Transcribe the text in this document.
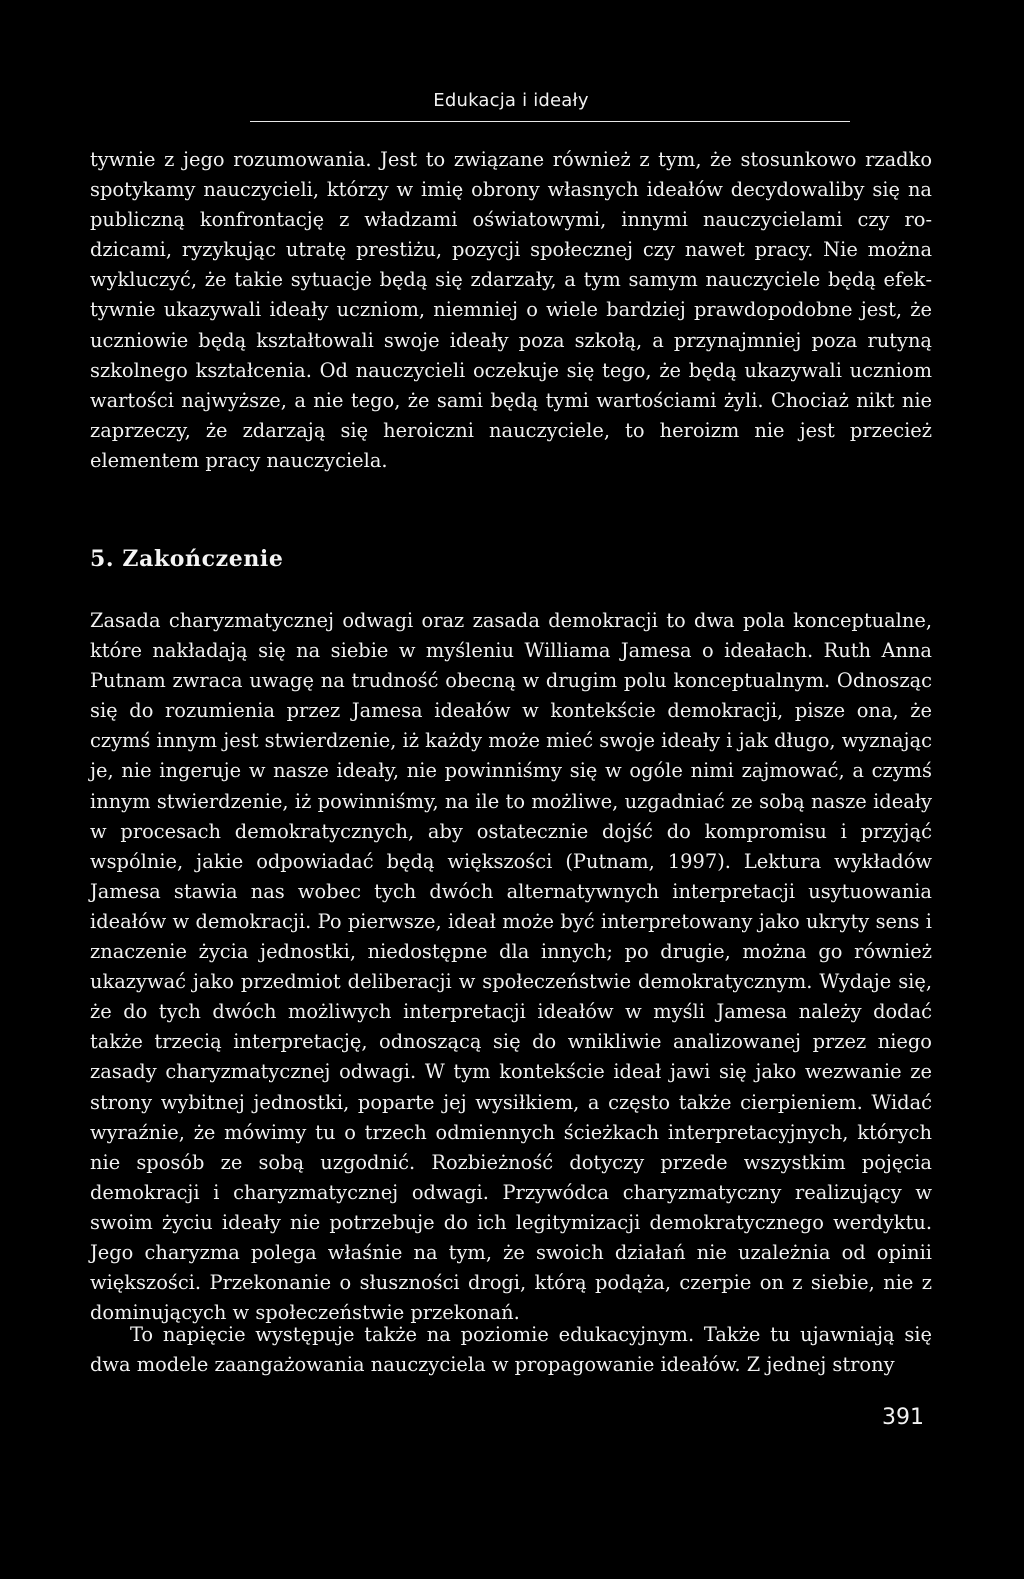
Edukacja i ideały

tywnie z jego rozumowania. Jest to związane również z tym, że stosunkowo rzadko spotykamy nauczycieli, którzy w imię obrony własnych ideałów decydowaliby się na publiczną konfrontację z władzami oświatowymi, innymi nauczycielami czy rodzicami, ryzykując utratę prestiżu, pozycji społecznej czy nawet pracy. Nie można wykluczyć, że takie sytuacje będą się zdarzały, a tym samym nauczyciele będą efektywnie ukazywali ideały uczniom, niemniej o wiele bardziej prawdopodobne jest, że uczniowie będą kształtowali swoje ideały poza szkołą, a przynajmniej poza rutyną szkolnego kształcenia. Od nauczycieli oczekuje się tego, że będą ukazywali uczniom wartości najwyższe, a nie tego, że sami będą tymi wartościami żyli. Chociaż nikt nie zaprzeczy, że zdarzają się heroiczni nauczyciele, to heroizm nie jest przecież elementem pracy nauczyciela.

5. Zakończenie

Zasada charyzmatycznej odwagi oraz zasada demokracji to dwa pola konceptualne, które nakładają się na siebie w myśleniu Williama Jamesa o ideałach. Ruth Anna Putnam zwraca uwagę na trudność obecną w drugim polu konceptualnym. Odnosząc się do rozumienia przez Jamesa ideałów w kontekście demokracji, pisze ona, że czymś innym jest stwierdzenie, iż każdy może mieć swoje ideały i jak długo, wyznając je, nie ingeruje w nasze ideały, nie powinniśmy się w ogóle nimi zajmować, a czymś innym stwierdzenie, iż powinniśmy, na ile to możliwe, uzgadniać ze sobą nasze ideały w procesach demokratycznych, aby ostatecznie dojść do kompromisu i przyjąć wspólnie, jakie odpowiadać będą większości (Putnam, 1997). Lektura wykładów Jamesa stawia nas wobec tych dwóch alternatywnych interpretacji usytuowania ideałów w demokracji. Po pierwsze, ideał może być interpretowany jako ukryty sens i znaczenie życia jednostki, niedostępne dla innych; po drugie, można go również ukazywać jako przedmiot deliberacji w społeczeństwie demokratycznym. Wydaje się, że do tych dwóch możliwych interpretacji ideałów w myśli Jamesa należy dodać także trzecią interpretację, odnoszącą się do wnikliwie analizowanej przez niego zasady charyzmatycznej odwagi. W tym kontekście ideał jawi się jako wezwanie ze strony wybitnej jednostki, poparte jej wysiłkiem, a często także cierpieniem. Widać wyraźnie, że mówimy tu o trzech odmiennych ścieżkach interpretacyjnych, których nie sposób ze sobą uzgodnić. Rozbieżność dotyczy przede wszystkim pojęcia demokracji i charyzmatycznej odwagi. Przywódca charyzmatyczny realizujący w swoim życiu ideały nie potrzebuje do ich legitymizacji demokratycznego werdyktu. Jego charyzma polega właśnie na tym, że swoich działań nie uzależnia od opinii większości. Przekonanie o słuszności drogi, którą podąża, czerpie on z siebie, nie z dominujących w społeczeństwie przekonań.

To napięcie występuje także na poziomie edukacyjnym. Także tu ujawniają się dwa modele zaangażowania nauczyciela w propagowanie ideałów. Z jednej strony

391
